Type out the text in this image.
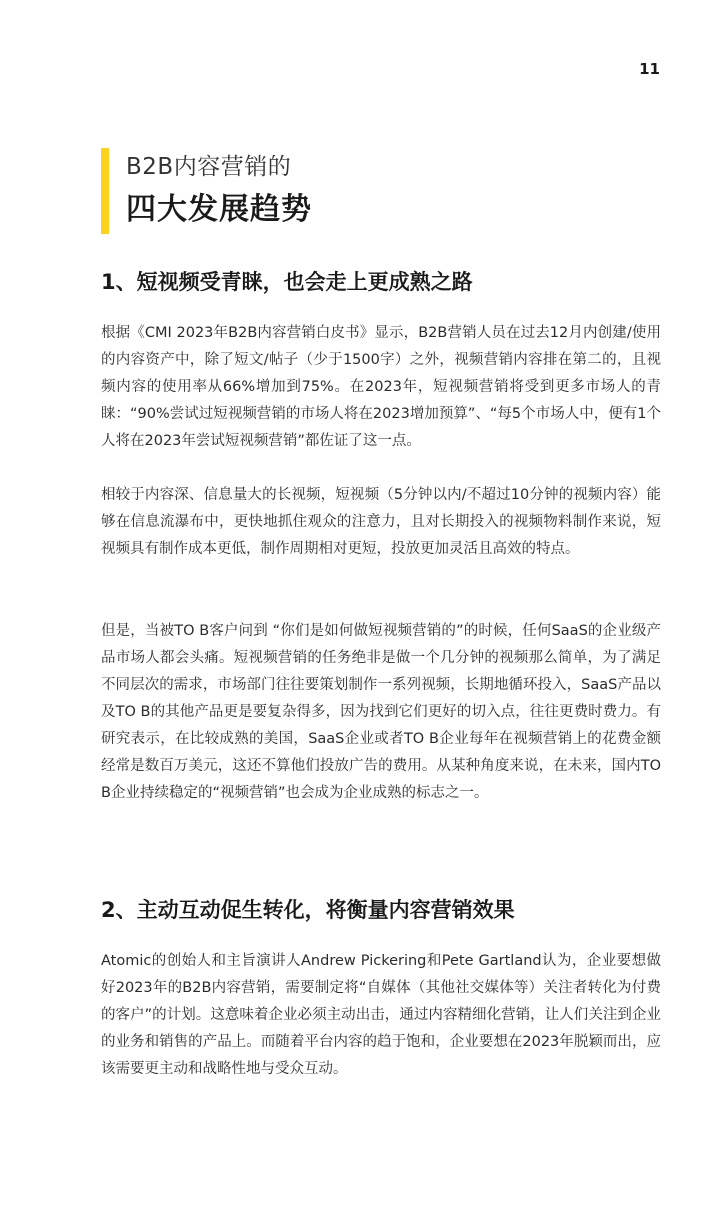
11
B2B内容营销的
四大发展趋势
1、短视频受青睐，也会走上更成熟之路

根据《CMI 2023年B2B内容营销白皮书》显示，B2B营销人员在过去12月内创建/使用的内容资产中，除了短文/帖子（少于1500字）之外，视频营销内容排在第二的，且视频内容的使用率从66%增加到75%。在2023年，短视频营销将受到更多市场人的青睐：“90%尝试过短视频营销的市场人将在2023增加预算”、“每5个市场人中，便有1个人将在2023年尝试短视频营销”都佐证了这一点。

相较于内容深、信息量大的长视频，短视频（5分钟以内/不超过10分钟的视频内容）能够在信息流瀑布中，更快地抓住观众的注意力，且对长期投入的视频物料制作来说，短视频具有制作成本更低，制作周期相对更短，投放更加灵活且高效的特点。

但是，当被TO B客户问到 “你们是如何做短视频营销的”的时候，任何SaaS的企业级产品市场人都会头痛。短视频营销的任务绝非是做一个几分钟的视频那么简单，为了满足不同层次的需求，市场部门往往要策划制作一系列视频，长期地循环投入，SaaS产品以及TO B的其他产品更是要复杂得多，因为找到它们更好的切入点，往往更费时费力。有研究表示，在比较成熟的美国，SaaS企业或者TO B企业每年在视频营销上的花费金额经常是数百万美元，这还不算他们投放广告的费用。从某种角度来说，在未来，国内TO B企业持续稳定的“视频营销”也会成为企业成熟的标志之一。

2、主动互动促生转化，将衡量内容营销效果

Atomic的创始人和主旨演讲人Andrew Pickering和Pete Gartland认为，企业要想做好2023年的B2B内容营销，需要制定将“自媒体（其他社交媒体等）关注者转化为付费的客户”的计划。这意味着企业必须主动出击，通过内容精细化营销，让人们关注到企业的业务和销售的产品上。而随着平台内容的趋于饱和，企业要想在2023年脱颖而出，应该需要更主动和战略性地与受众互动。
